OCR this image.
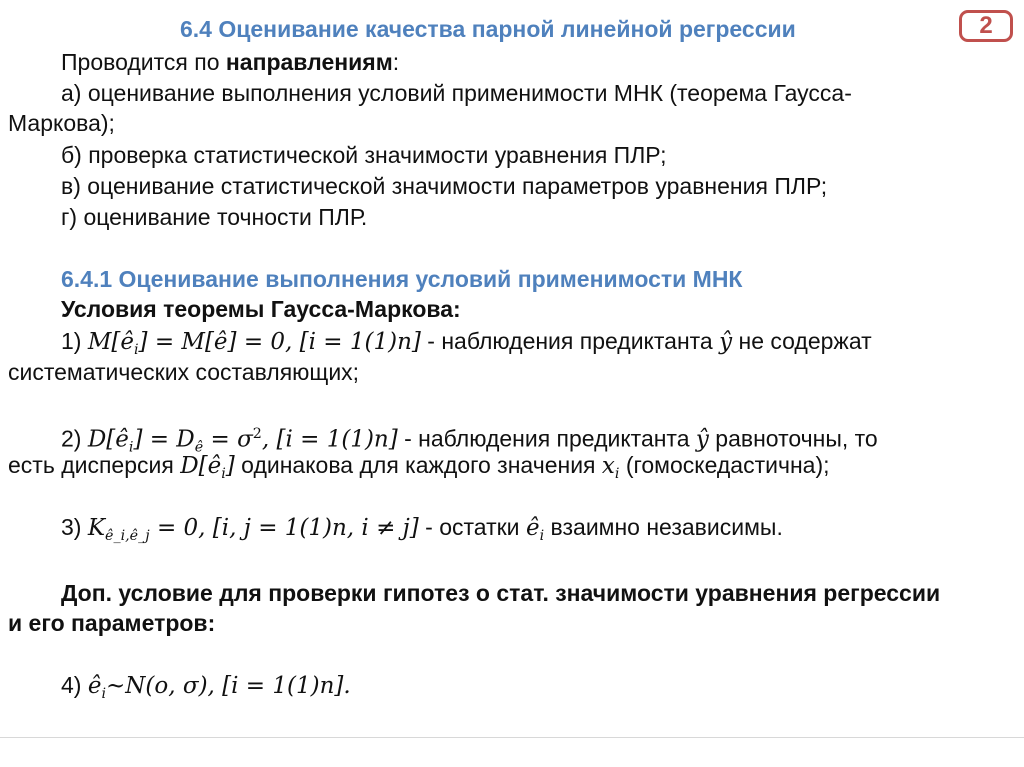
6.4 Оценивание качества парной линейной регрессии	2
Проводится по направлениям:
а) оценивание выполнения условий применимости МНК (теорема Гаусса-
Маркова);
б) проверка статистической значимости уравнения ПЛР;
в) оценивание статистической значимости параметров уравнения ПЛР;
г) оценивание точности ПЛР.
6.4.1 Оценивание выполнения условий применимости МНК
Условия теоремы Гаусса-Маркова:
1) $M[ê_i]$ = M[ê] = 0, [i = 1(1)n] - наблюдения предиктанта ŷ не содержат
систематических составляющих;
2) $D[ê_i] = D_ê = \sigma^2$, [i = 1(1)n] - наблюдения предиктанта ŷ равноточны, то
есть дисперсия $D[ê_i]$ одинакова для каждого значения $x_i$ (гомоскедастична);
3) $K_{ê\_i,ê\_j} = 0$, [i, j = 1(1)n, i ≠ j] - остатки $ê_i$ взаимно независимы.
Доп. условие для проверки гипотез о стат. значимости уравнения регрессии
и его параметров:
4) $ê_i\sim N(o$, σ), [i = 1(1)n].
